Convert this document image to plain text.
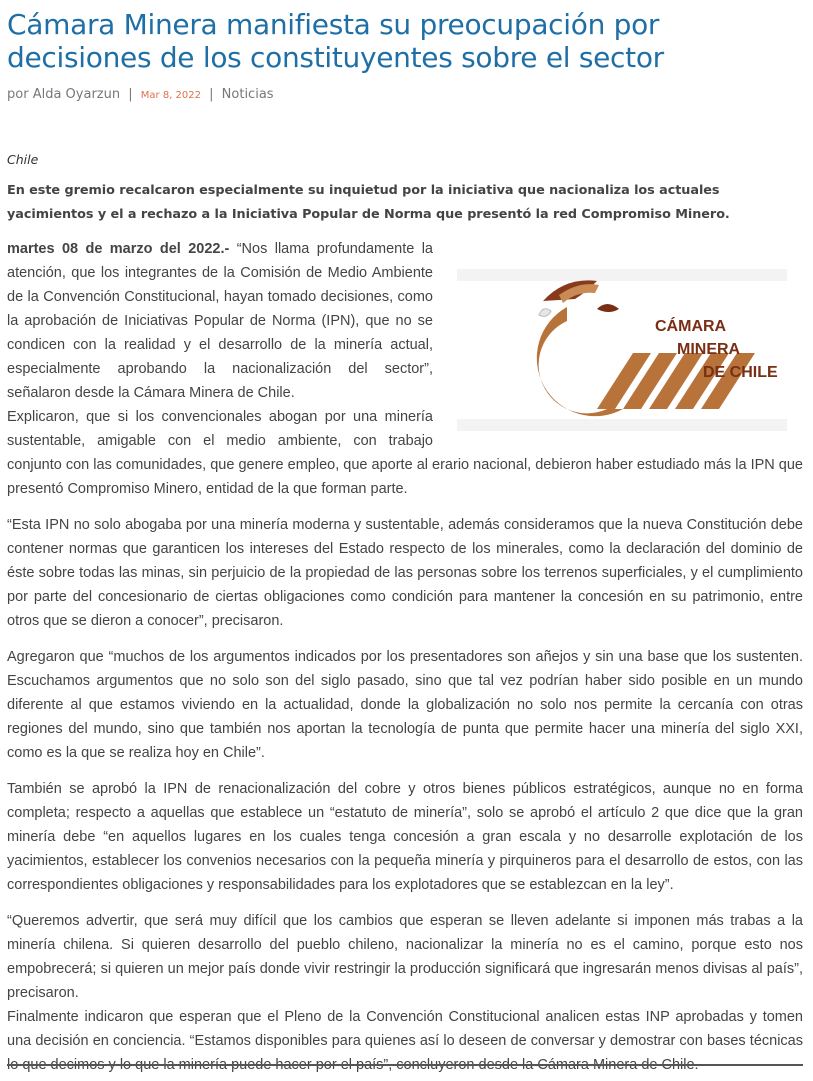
Cámara Minera manifiesta su preocupación por decisiones de los constituyentes sobre el sector
por Alda Oyarzun | Mar 8, 2022 | Noticias
Chile
En este gremio recalcaron especialmente su inquietud por la iniciativa que nacionaliza los actuales yacimientos y el a rechazo a la Iniciativa Popular de Norma que presentó la red Compromiso Minero.
CÁMARA
MINERA
DE CHILE

martes 08 de marzo del 2022.- “Nos llama profundamente la atención, que los integrantes de la Comisión de Medio Ambiente de la Convención Constitucional, hayan tomado decisiones, como la aprobación de Iniciativas Popular de Norma (IPN), que no se condicen con la realidad y el desarrollo de la minería actual, especialmente aprobando la nacionalización del sector”, señalaron desde la Cámara Minera de Chile.

Explicaron, que si los convencionales abogan por una minería sustentable, amigable con el medio ambiente, con trabajo conjunto con las comunidades, que genere empleo, que aporte al erario nacional, debieron haber estudiado más la IPN que presentó Compromiso Minero, entidad de la que forman parte.

“Esta IPN no solo abogaba por una minería moderna y sustentable, además consideramos que la nueva Constitución debe contener normas que garanticen los intereses del Estado respecto de los minerales, como la declaración del dominio de éste sobre todas las minas, sin perjuicio de la propiedad de las personas sobre los terrenos superficiales, y el cumplimiento por parte del concesionario de ciertas obligaciones como condición para mantener la concesión en su patrimonio, entre otros que se dieron a conocer”, precisaron.

Agregaron que “muchos de los argumentos indicados por los presentadores son añejos y sin una base que los sustenten. Escuchamos argumentos que no solo son del siglo pasado, sino que tal vez podrían haber sido posible en un mundo diferente al que estamos viviendo en la actualidad, donde la globalización no solo nos permite la cercanía con otras regiones del mundo, sino que también nos aportan la tecnología de punta que permite hacer una minería del siglo XXI, como es la que se realiza hoy en Chile”.

También se aprobó la IPN de renacionalización del cobre y otros bienes públicos estratégicos, aunque no en forma completa; respecto a aquellas que establece un “estatuto de minería”, solo se aprobó el artículo 2 que dice que la gran minería debe “en aquellos lugares en los cuales tenga concesión a gran escala y no desarrolle explotación de los yacimientos, establecer los convenios necesarios con la pequeña minería y pirquineros para el desarrollo de estos, con las correspondientes obligaciones y responsabilidades para los explotadores que se establezcan en la ley”.

“Queremos advertir, que será muy difícil que los cambios que esperan se lleven adelante si imponen más trabas a la minería chilena. Si quieren desarrollo del pueblo chileno, nacionalizar la minería no es el camino, porque esto nos empobrecerá; si quieren un mejor país donde vivir restringir la producción significará que ingresarán menos divisas al país”, precisaron.

Finalmente indicaron que esperan que el Pleno de la Convención Constitucional analicen estas INP aprobadas y tomen una decisión en conciencia. “Estamos disponibles para quienes así lo deseen de conversar y demostrar con bases técnicas lo que decimos y lo que la minería puede hacer por el país”, concluyeron desde la Cámara Minera de Chile.
